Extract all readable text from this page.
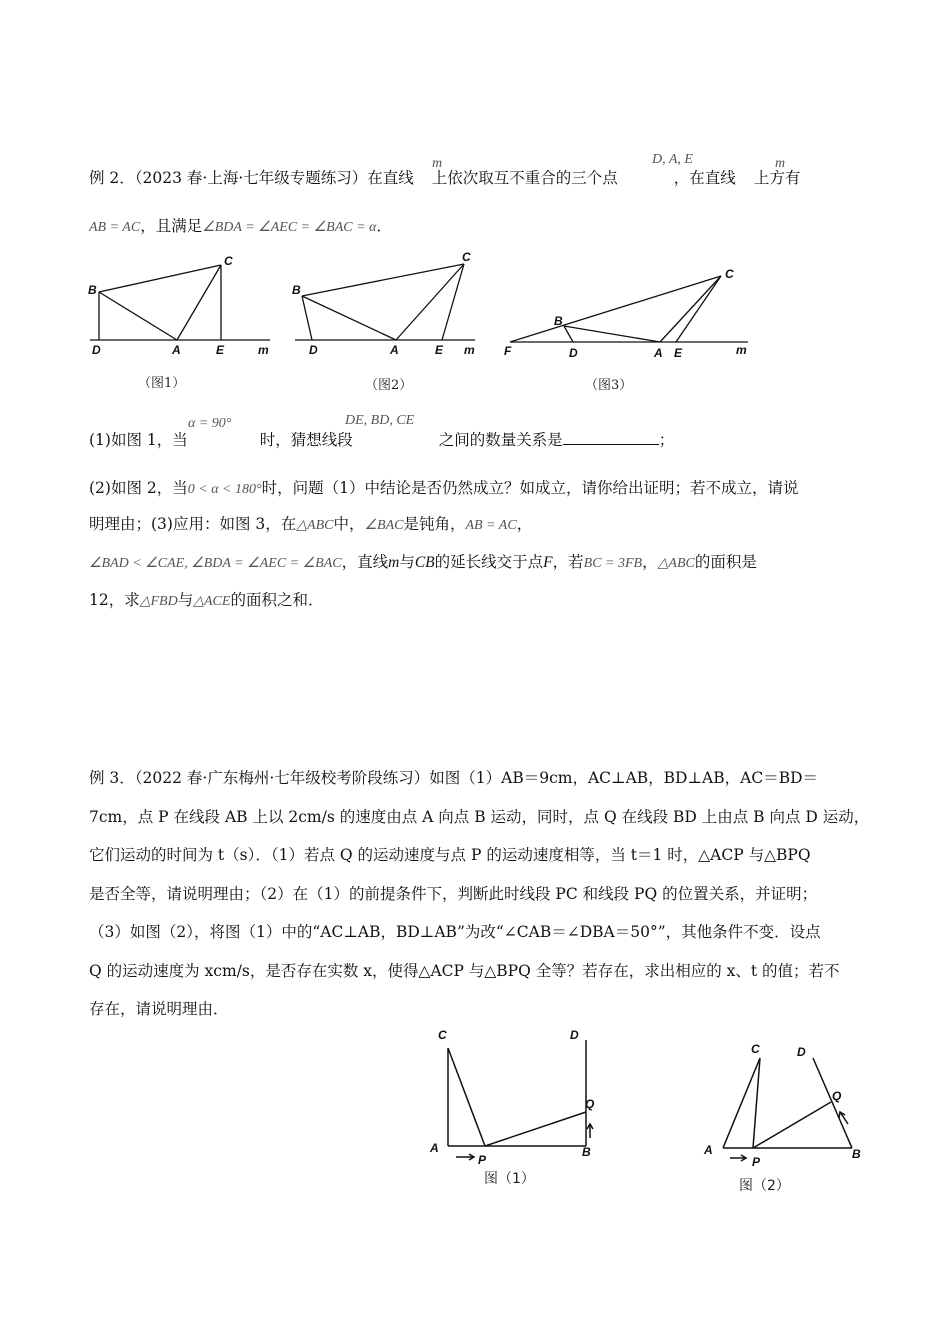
m	D, A, E	m
例 2．（2023 春·上海·七年级专题练习）在直线 上依次取互不重合的三个点	，在直线 上方有
AB = AC，且满足∠BDA = ∠AEC = ∠BAC = α．
B
C
D	A	E	m
B
C
D	A	E m
B
C
F	D	A E	m
（图1）	（图2）	（图3）
α = 90°	DE, BD, CE
(1)如图 1，当	时，猜想线段	之间的数量关系是	；
(2)如图 2，当0 < α < 180°时，问题（1）中结论是否仍然成立？如成立，请你给出证明；若不成立，请说
明理由；(3)应用：如图 3，在△ABC中，∠BAC是钝角，AB = AC，
∠BAD < ∠CAE, ∠BDA = ∠AEC = ∠BAC，直线m与CB的延长线交于点F，若BC = 3FB，△ABC的面积是
12，求△FBD与△ACE的面积之和．
例 3．（2022 春·广东梅州·七年级校考阶段练习）如图（1）AB＝9cm，AC⊥AB，BD⊥AB，AC＝BD＝
7cm，点 P 在线段 AB 上以 2cm/s 的速度由点 A 向点 B 运动，同时，点 Q 在线段 BD 上由点 B 向点 D 运动，
它们运动的时间为 t（s）．（1）若点 Q 的运动速度与点 P 的运动速度相等，当 t＝1 时，△ACP 与△BPQ
是否全等，请说明理由；（2）在（1）的前提条件下，判断此时线段 PC 和线段 PQ 的位置关系，并证明；
（3）如图（2），将图（1）中的“AC⊥AB，BD⊥AB”为改“∠CAB＝∠DBA＝50°”，其他条件不变．设点
Q 的运动速度为 xcm/s，是否存在实数 x，使得△ACP 与△BPQ 全等？若存在，求出相应的 x、t 的值；若不
存在，请说明理由．
C	D
Q
A
P
B
C	D
Q
A
P
B
图（1）	图（2）
